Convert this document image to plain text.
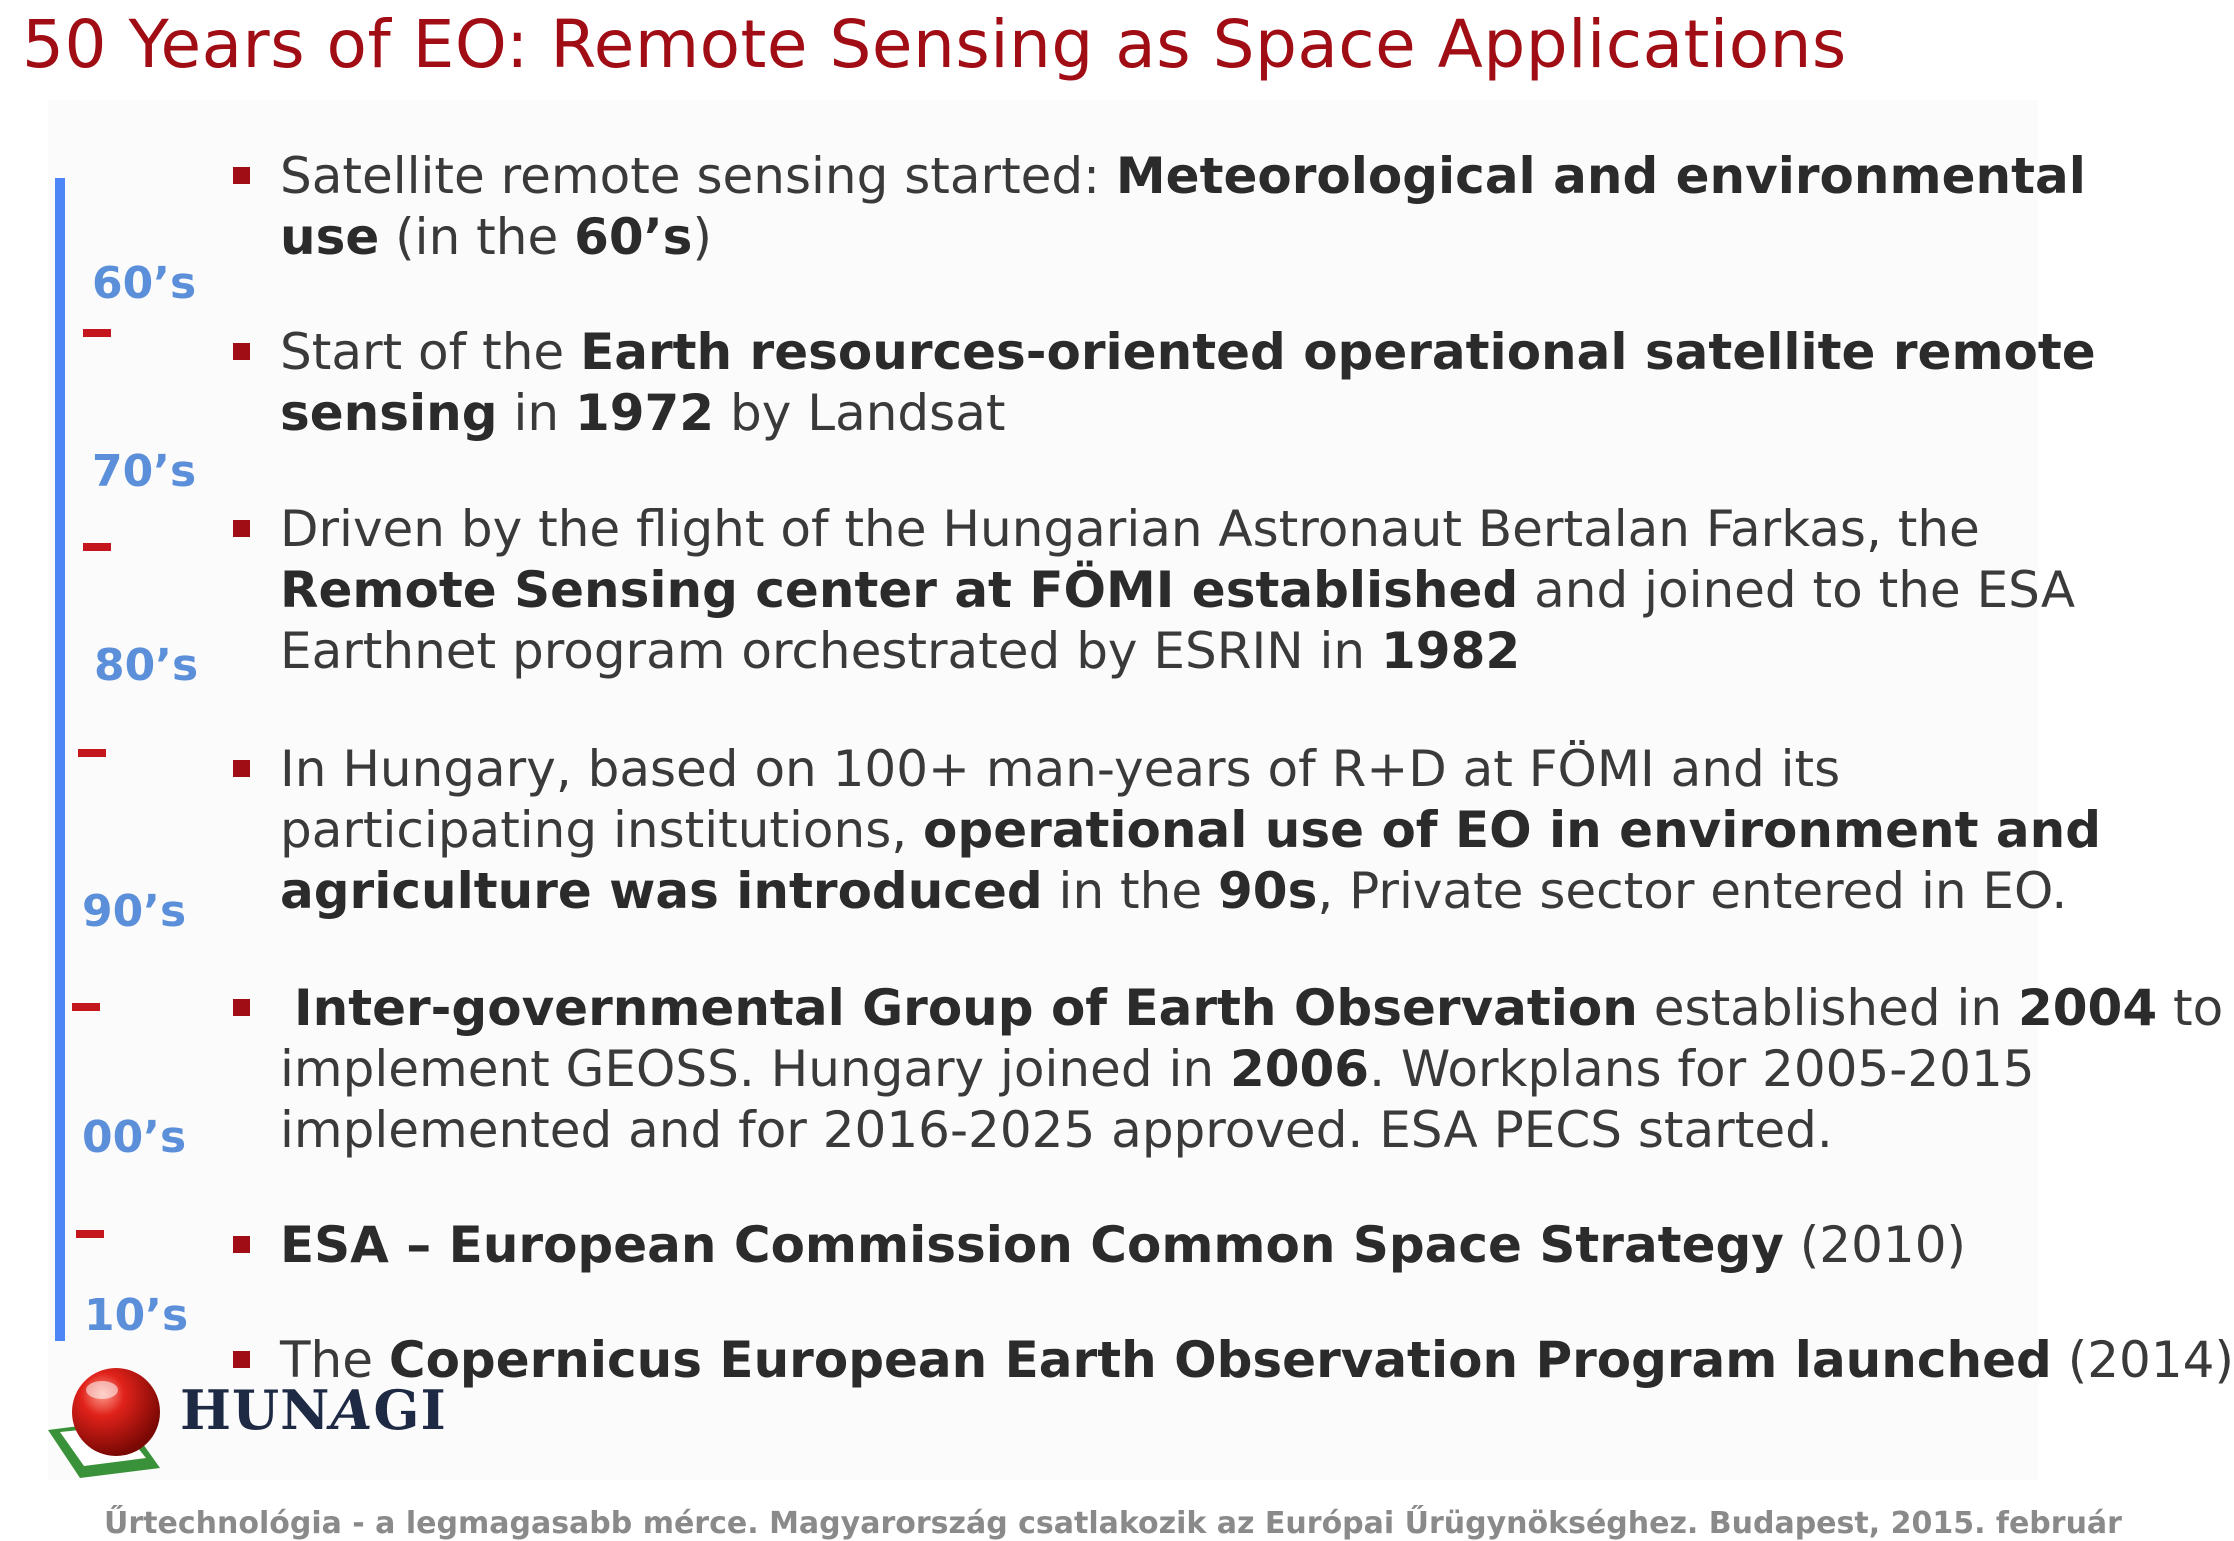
50 Years of EO: Remote Sensing as Space Applications
60’s
70’s
80’s
90’s
00’s
10’s

Satellite remote sensing started: Meteorological and environmental

use (in the 60’s)

Start of the Earth resources-oriented operational satellite remote

sensing in 1972 by Landsat

Driven by the flight of the Hungarian Astronaut Bertalan Farkas, the

Remote Sensing center at FÖMI established and joined to the ESA

Earthnet program orchestrated by ESRIN in 1982

In Hungary, based on 100+ man-years of R+D at FÖMI and its

participating institutions, operational use of EO in environment and

agriculture was introduced in the 90s, Private sector entered in EO.

Inter-governmental Group of Earth Observation established in 2004 to

implement GEOSS. Hungary joined in 2006. Workplans for 2005-2015

implemented and for 2016-2025 approved. ESA PECS started.

ESA – European Commission Common Space Strategy (2010)

The Copernicus European Earth Observation Program launched (2014)

HUNAGI
Űrtechnológia - a legmagasabb mérce. Magyarország csatlakozik az Európai Űrügynökséghez. Budapest, 2015. február
